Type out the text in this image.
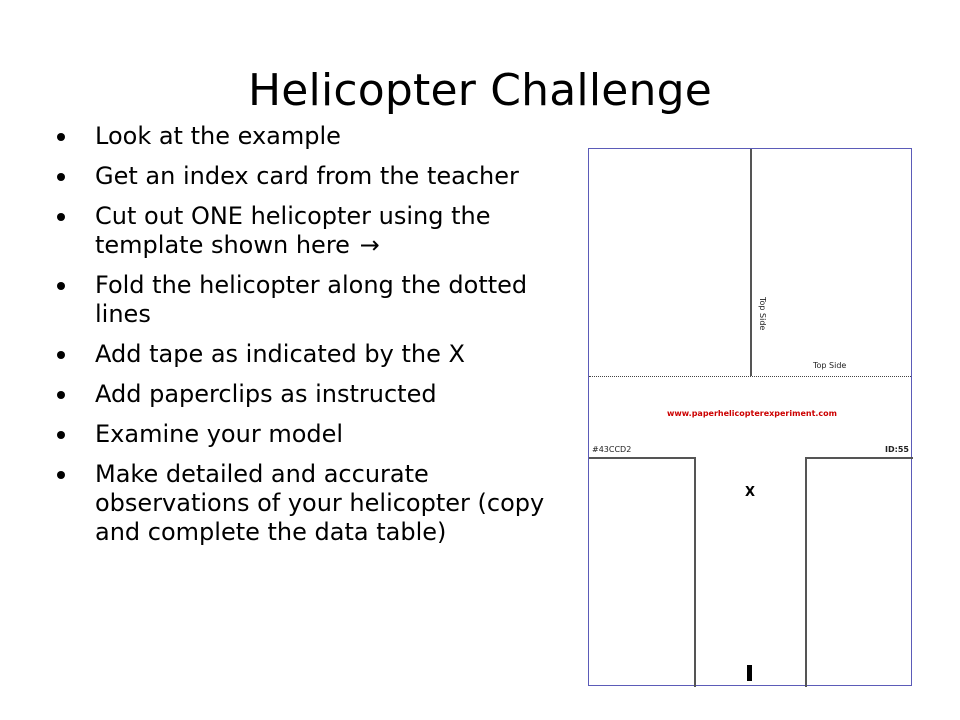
Helicopter Challenge
Look at the example
Get an index card from the teacher
Cut out ONE helicopter using the template shown here →
Fold the helicopter along the dotted lines
Add tape as indicated by the X
Add paperclips as instructed
Examine your model
Make detailed and accurate observations of your helicopter (copy and complete the data table)
Top Side
Top Side
www.paperhelicopterexperiment.com
#43CCD2	ID:55
X
